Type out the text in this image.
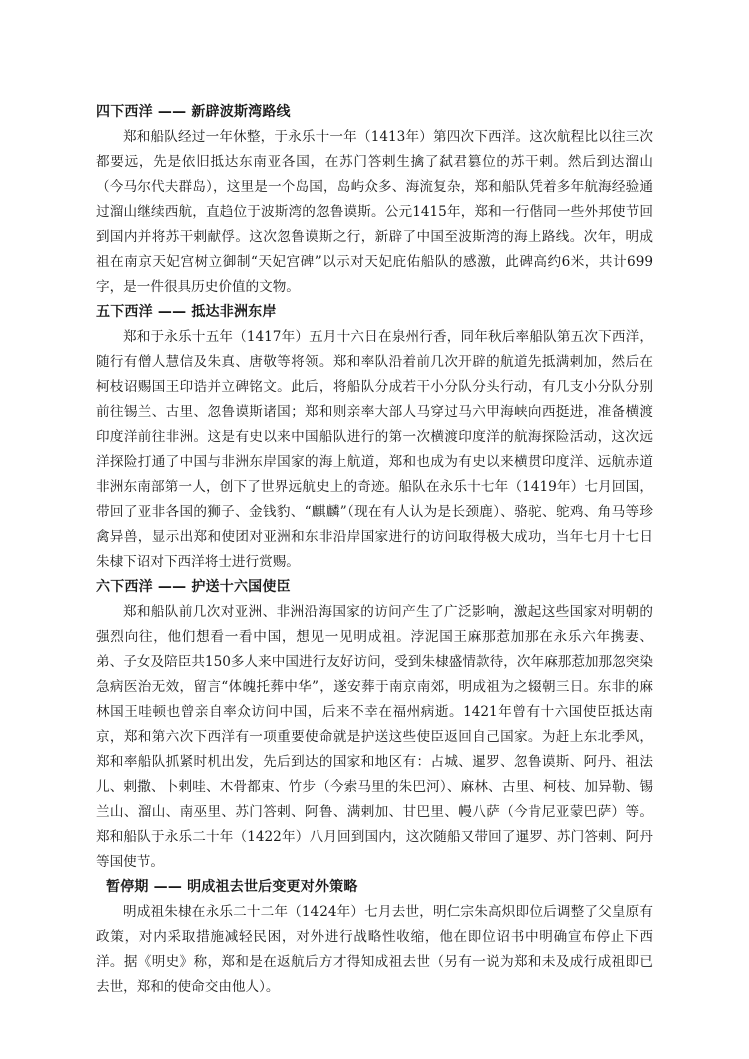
四下西洋 —— 新辟波斯湾路线

郑和船队经过一年休整，于永乐十一年（1413年）第四次下西洋。这次航程比以往三次都要远，先是依旧抵达东南亚各国，在苏门答剌生擒了弑君篡位的苏干剌。然后到达溜山（今马尔代夫群岛），这里是一个岛国，岛屿众多、海流复杂，郑和船队凭着多年航海经验通过溜山继续西航，直趋位于波斯湾的忽鲁谟斯。公元1415年，郑和一行偕同一些外邦使节回到国内并将苏干剌献俘。这次忽鲁谟斯之行，新辟了中国至波斯湾的海上路线。次年，明成祖在南京天妃宫树立御制“天妃宫碑”以示对天妃庇佑船队的感激，此碑高约6米，共计699字，是一件很具历史价值的文物。

五下西洋 —— 抵达非洲东岸

郑和于永乐十五年（1417年）五月十六日在泉州行香，同年秋后率船队第五次下西洋，随行有僧人慧信及朱真、唐敬等将领。郑和率队沿着前几次开辟的航道先抵满剌加，然后在柯枝诏赐国王印诰并立碑铭文。此后，将船队分成若干小分队分头行动，有几支小分队分别前往锡兰、古里、忽鲁谟斯诸国；郑和则亲率大部人马穿过马六甲海峡向西挺进，准备横渡印度洋前往非洲。这是有史以来中国船队进行的第一次横渡印度洋的航海探险活动，这次远洋探险打通了中国与非洲东岸国家的海上航道，郑和也成为有史以来横贯印度洋、远航赤道非洲东南部第一人，创下了世界远航史上的奇迹。船队在永乐十七年（1419年）七月回国，带回了亚非各国的狮子、金钱豹、“麒麟”（现在有人认为是长颈鹿）、骆驼、鸵鸡、角马等珍禽异兽，显示出郑和使团对亚洲和东非沿岸国家进行的访问取得极大成功，当年七月十七日朱棣下诏对下西洋将士进行赏赐。

六下西洋 —— 护送十六国使臣

郑和船队前几次对亚洲、非洲沿海国家的访问产生了广泛影响，激起这些国家对明朝的强烈向往，他们想看一看中国，想见一见明成祖。浡泥国王麻那惹加那在永乐六年携妻、弟、子女及陪臣共150多人来中国进行友好访问，受到朱棣盛情款待，次年麻那惹加那忽突染急病医治无效，留言“体魄托葬中华”，遂安葬于南京南郊，明成祖为之辍朝三日。东非的麻林国王哇顿也曾亲自率众访问中国，后来不幸在福州病逝。1421年曾有十六国使臣抵达南京，郑和第六次下西洋有一项重要使命就是护送这些使臣返回自己国家。为赶上东北季风，郑和率船队抓紧时机出发，先后到达的国家和地区有：占城、暹罗、忽鲁谟斯、阿丹、祖法儿、剌撒、卜剌哇、木骨都束、竹步（今索马里的朱巴河）、麻林、古里、柯枝、加异勒、锡兰山、溜山、南巫里、苏门答剌、阿鲁、满剌加、甘巴里、幔八萨（今肯尼亚蒙巴萨）等。郑和船队于永乐二十年（1422年）八月回到国内，这次随船又带回了暹罗、苏门答剌、阿丹等国使节。

暂停期 —— 明成祖去世后变更对外策略

明成祖朱棣在永乐二十二年（1424年）七月去世，明仁宗朱高炽即位后调整了父皇原有政策，对内采取措施减轻民困，对外进行战略性收缩，他在即位诏书中明确宣布停止下西洋。据《明史》称，郑和是在返航后方才得知成祖去世（另有一说为郑和未及成行成祖即已去世，郑和的使命交由他人）。
